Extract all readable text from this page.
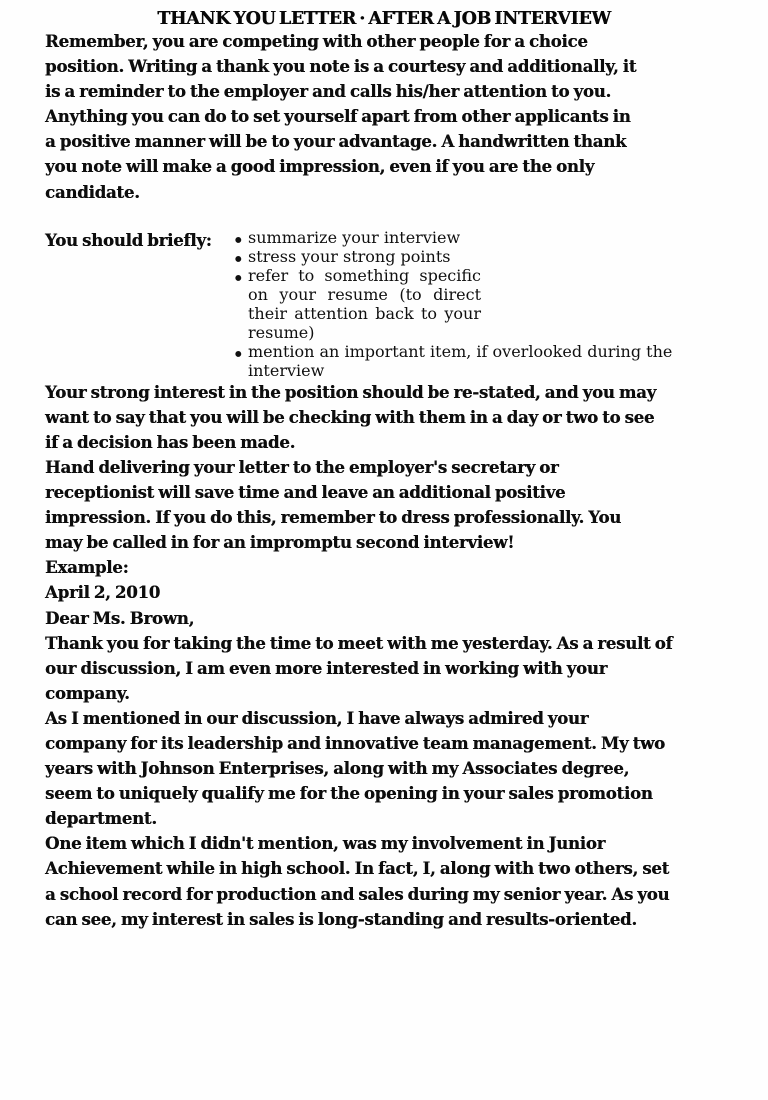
THANK YOU LETTER · AFTER A JOB INTERVIEW

Remember, you are competing with other people for a choice position. Writing a thank you note is a courtesy and additionally, it is a reminder to the employer and calls his/her attention to you. Anything you can do to set yourself apart from other applicants in a positive manner will be to your advantage. A handwritten thank you note will make a good impression, even if you are the only candidate.

You should briefly:	• summarize your interview
• stress your strong points
• refer to something specific on your resume (to direct their attention back to your resume)
• mention an important item, if overlooked during the interview

Your strong interest in the position should be re-stated, and you may want to say that you will be checking with them in a day or two to see if a decision has been made.

Hand delivering your letter to the employer's secretary or receptionist will save time and leave an additional positive impression. If you do this, remember to dress professionally. You may be called in for an impromptu second interview!

Example:

April 2, 2010

Dear Ms. Brown,

Thank you for taking the time to meet with me yesterday. As a result of our discussion, I am even more interested in working with your company.

As I mentioned in our discussion, I have always admired your company for its leadership and innovative team management. My two years with Johnson Enterprises, along with my Associates degree, seem to uniquely qualify me for the opening in your sales promotion department.

One item which I didn't mention, was my involvement in Junior Achievement while in high school. In fact, I, along with two others, set a school record for production and sales during my senior year. As you can see, my interest in sales is long-standing and results-oriented.
